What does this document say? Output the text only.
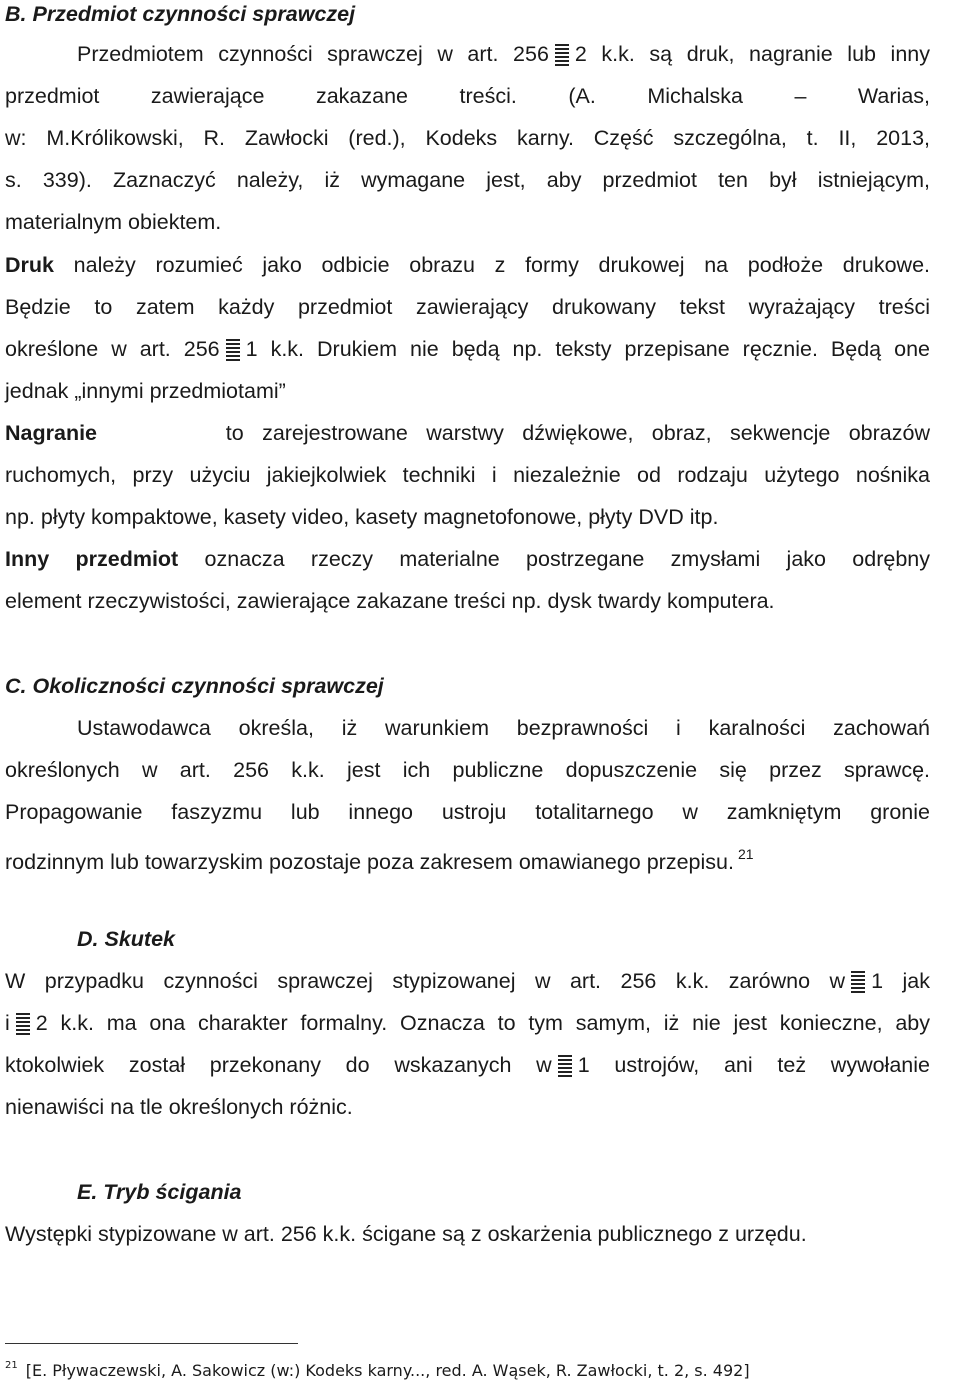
B. Przedmiot czynności sprawczej
Przedmiotem czynności sprawczej w art. 256 2 k.k. są druk, nagranie lub inny
przedmiot zawierające zakazane treści. (A. Michalska – Warias,
w: M.Królikowski, R. Zawłocki (red.), Kodeks karny. Część szczególna, t. II, 2013,
s. 339). Zaznaczyć należy, iż wymagane jest, aby przedmiot ten był istniejącym,
materialnym obiektem.
Druk należy rozumieć jako odbicie obrazu z formy drukowej na podłoże drukowe.
Będzie to zatem każdy przedmiot zawierający drukowany tekst wyrażający treści
określone w art. 256 1 k.k. Drukiem nie będą np. teksty przepisane ręcznie. Będą one
jednak „innymi przedmiotami”
Nagranie	to zarejestrowane warstwy dźwiękowe, obraz, sekwencje obrazów
ruchomych, przy użyciu jakiejkolwiek techniki i niezależnie od rodzaju użytego nośnika
np. płyty kompaktowe, kasety video, kasety magnetofonowe, płyty DVD itp.
Inny przedmiot oznacza rzeczy materialne postrzegane zmysłami jako odrębny
element rzeczywistości, zawierające zakazane treści np. dysk twardy komputera.
C. Okoliczności czynności sprawczej
Ustawodawca określa, iż warunkiem bezprawności i karalności zachowań
określonych w art. 256 k.k. jest ich publiczne dopuszczenie się przez sprawcę.
Propagowanie faszyzmu lub innego ustroju totalitarnego w zamkniętym gronie
rodzinnym lub towarzyskim pozostaje poza zakresem omawianego przepisu. $^{21}$
D. Skutek
W przypadku czynności sprawczej stypizowanej w art. 256 k.k. zarówno w 1 jak
i 2 k.k. ma ona charakter formalny. Oznacza to tym samym, iż nie jest konieczne, aby
ktokolwiek został przekonany do wskazanych w 1 ustrojów, ani też wywołanie
nienawiści na tle określonych różnic.
E. Tryb ścigania
Występki stypizowane w art. 256 k.k. ścigane są z oskarżenia publicznego z urzędu.
$^{21}$ [E. Pływaczewski, A. Sakowicz (w:) Kodeks karny..., red. A. Wąsek, R. Zawłocki, t. 2, s. 492]
